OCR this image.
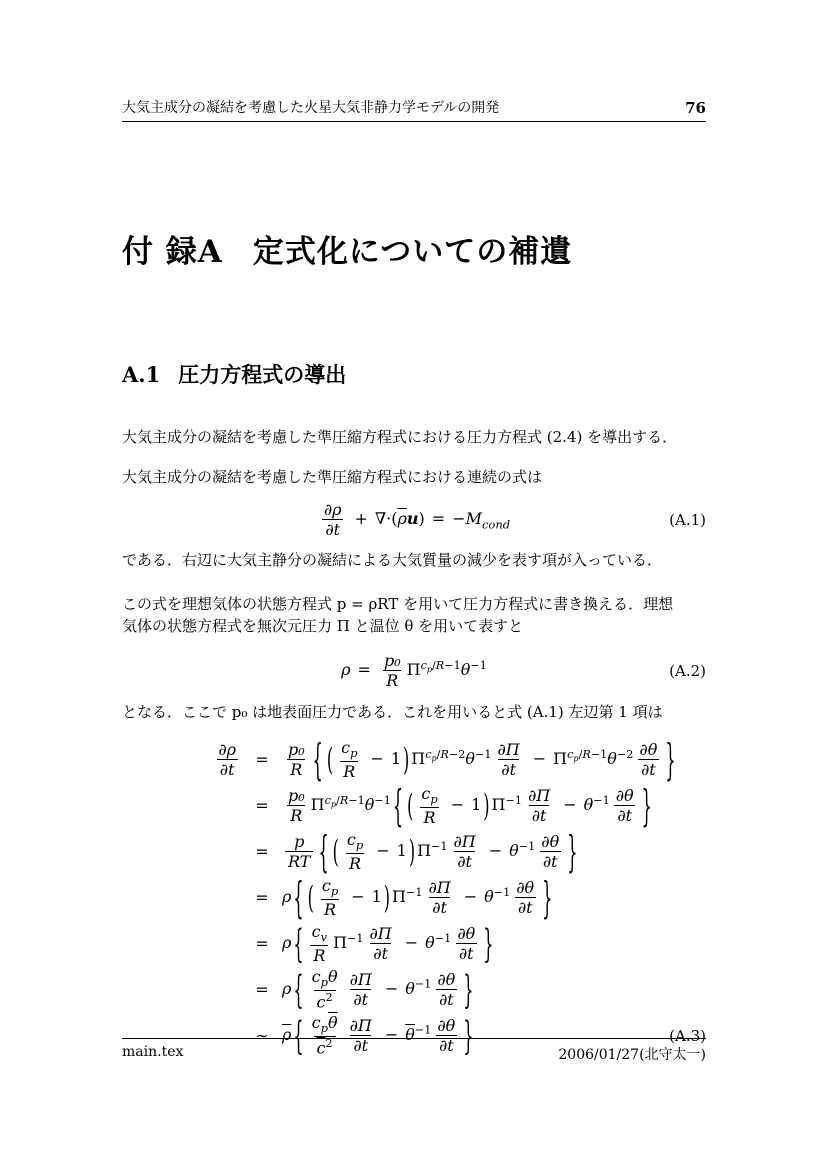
大気主成分の凝結を考慮した火星大気非静力学モデルの開発	76
付 録A 定式化についての補遺
A.1 圧力方程式の導出
大気主成分の凝結を考慮した準圧縮方程式における圧力方程式 (2.4) を導出する．
大気主成分の凝結を考慮した準圧縮方程式における連続の式は
$\frac{\partial\rho}{\partial t} + \nabla\cdot(\overline{\rho}u) = -M_{cond}$	(A.1)
である．右辺に大気主静分の凝結による大気質量の減少を表す項が入っている．
この式を理想気体の状態方程式 p = ρRT を用いて圧力方程式に書き換える．理想
気体の状態方程式を無次元圧力 Π と温位 θ を用いて表すと
$\rho = \frac{\text{p₀}}{R} \Pi^{c_p/R-1}\theta^{-1}$	(A.2)
となる．ここで p₀ は地表面圧力である．これを用いると式 (A.1) 左辺第 1 項は
$\frac{\partial\rho}{\partial t}$	=	$\frac{\text{p₀}}{R}$ { ( $\frac{c_p}{R} - 1$ ) $\Pi^{c_p/R-2}\theta^{-1} \frac{\partial\Pi}{\partial t} - \Pi^{c_p/R-1}\theta^{-2} \frac{\partial\theta}{\partial t}$ }
=	$\frac{\text{p₀}}{R} \Pi^{c_p/R-1}\theta^{-1}$ { ( $\frac{c_p}{R} - 1$ ) $\Pi^{-1} \frac{\partial\Pi}{\partial t} - \theta^{-1} \frac{\partial\theta}{\partial t}$ }
=	$\frac{p}{RT}$ { ( $\frac{c_p}{R} - 1$ ) $\Pi^{-1} \frac{\partial\Pi}{\partial t} - \theta^{-1} \frac{\partial\theta}{\partial t}$ }
= ρ { ( $\frac{c_p}{R} - 1$ ) $\Pi^{-1} \frac{\partial\Pi}{\partial t} - \theta^{-1} \frac{\partial\theta}{\partial t}$ }
= ρ { $\frac{c_v}{R} \Pi^{-1} \frac{\partial\Pi}{\partial t} - \theta^{-1} \frac{\partial\theta}{\partial t}$ }
= ρ { $c_p\theta$
$c^2 \frac{\partial\Pi}{\partial t} - \theta^{-1} \frac{\partial\theta}{\partial t}$ }
∼ $\overline{\rho}$ { $c_p\overline{\theta}$
$\overline{c}^2 \frac{\partial\Pi}{\partial t} - \overline{\theta}^{-1} \frac{\partial\theta}{\partial t}$ }	(A.3)
main.tex	2006/01/27(北守太一)
